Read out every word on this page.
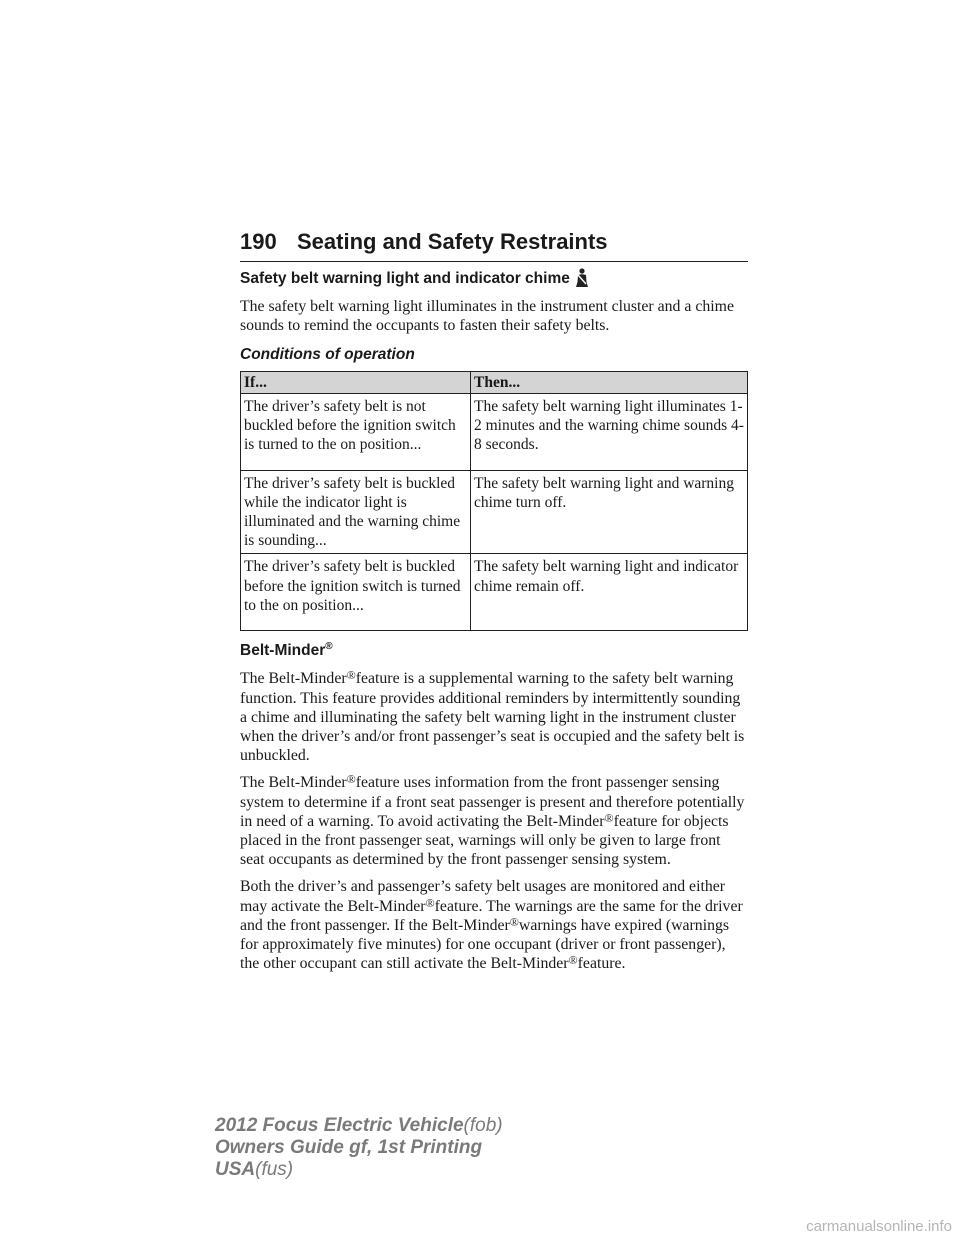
190 Seating and Safety Restraints
Safety belt warning light and indicator chime

The safety belt warning light illuminates in the instrument cluster and a chime sounds to remind the occupants to fasten their safety belts.

Conditions of operation
If...	Then...
The driver’s safety belt is not buckled before the ignition switch is turned to the on position...	The safety belt warning light illuminates 1-2 minutes and the warning chime sounds 4-8 seconds.
The driver’s safety belt is buckled while the indicator light is illuminated and the warning chime is sounding...	The safety belt warning light and warning chime turn off.
The driver’s safety belt is buckled before the ignition switch is turned to the on position...	The safety belt warning light and indicator chime remain off.
Belt-Minder®

The Belt-Minder®feature is a supplemental warning to the safety belt warning function. This feature provides additional reminders by intermittently sounding a chime and illuminating the safety belt warning light in the instrument cluster when the driver’s and/or front passenger’s seat is occupied and the safety belt is unbuckled.

The Belt-Minder®feature uses information from the front passenger sensing system to determine if a front seat passenger is present and therefore potentially in need of a warning. To avoid activating the Belt-Minder®feature for objects placed in the front passenger seat, warnings will only be given to large front seat occupants as determined by the front passenger sensing system.

Both the driver’s and passenger’s safety belt usages are monitored and either may activate the Belt-Minder®feature. The warnings are the same for the driver and the front passenger. If the Belt-Minder®warnings have expired (warnings for approximately five minutes) for one occupant (driver or front passenger), the other occupant can still activate the Belt-Minder®feature.

2012 Focus Electric Vehicle(fob)
Owners Guide gf, 1st Printing
USA(fus)
carmanualsonline.info
